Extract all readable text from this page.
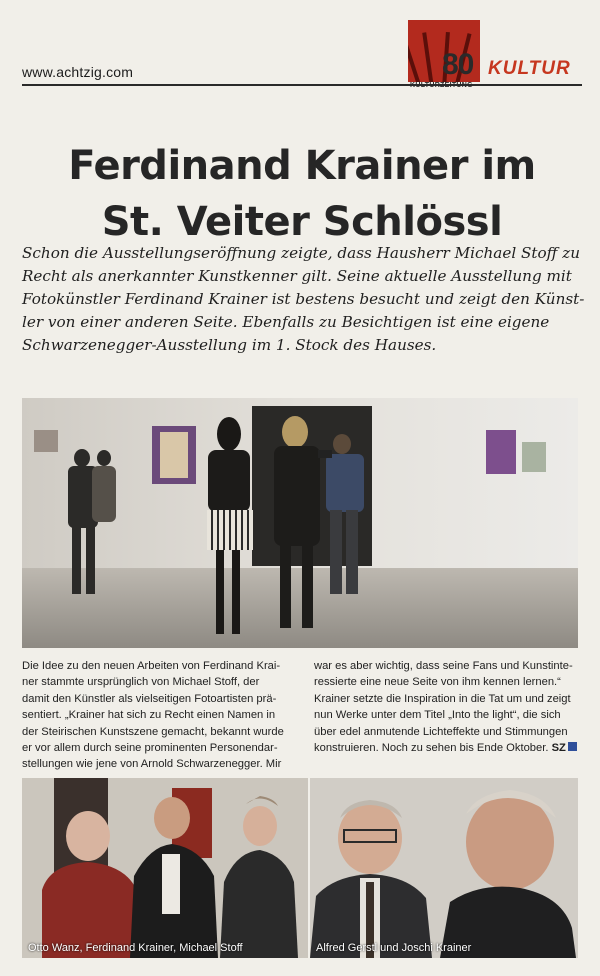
www.achtzig.com	80
KULTURZEITUNG
KULTUR
Ferdinand Krainer im
St. Veiter Schlössl
Schon die Ausstellungseröffnung zeigte, dass Hausherr Michael Stoff zu
Recht als anerkannter Kunstkenner gilt. Seine aktuelle Ausstellung mit
Fotokünstler Ferdinand Krainer ist bestens besucht und zeigt den Künst-
ler von einer anderen Seite. Ebenfalls zu Besichtigen ist eine eigene
Schwarzenegger-Ausstellung im 1. Stock des Hauses.
Die Idee zu den neuen Arbeiten von Ferdinand Krai-
ner stammte ursprünglich von Michael Stoff, der
damit den Künstler als vielseitigen Fotoartisten prä-
sentiert. „Krainer hat sich zu Recht einen Namen in
der Steirischen Kunstszene gemacht, bekannt wurde
er vor allem durch seine prominenten Personendar-
stellungen wie jene von Arnold Schwarzenegger. Mir
war es aber wichtig, dass seine Fans und Kunstinte-
ressierte eine neue Seite von ihm kennen lernen.“
Krainer setzte die Inspiration in die Tat um und zeigt
nun Werke unter dem Titel „Into the light“, die sich
über edel anmutende Lichteffekte und Stimmungen
konstruieren. Noch zu sehen bis Ende Oktober. SZ
Otto Wanz, Ferdinand Krainer, Michael Stoff	Alfred Gerstl und Joschi Krainer
